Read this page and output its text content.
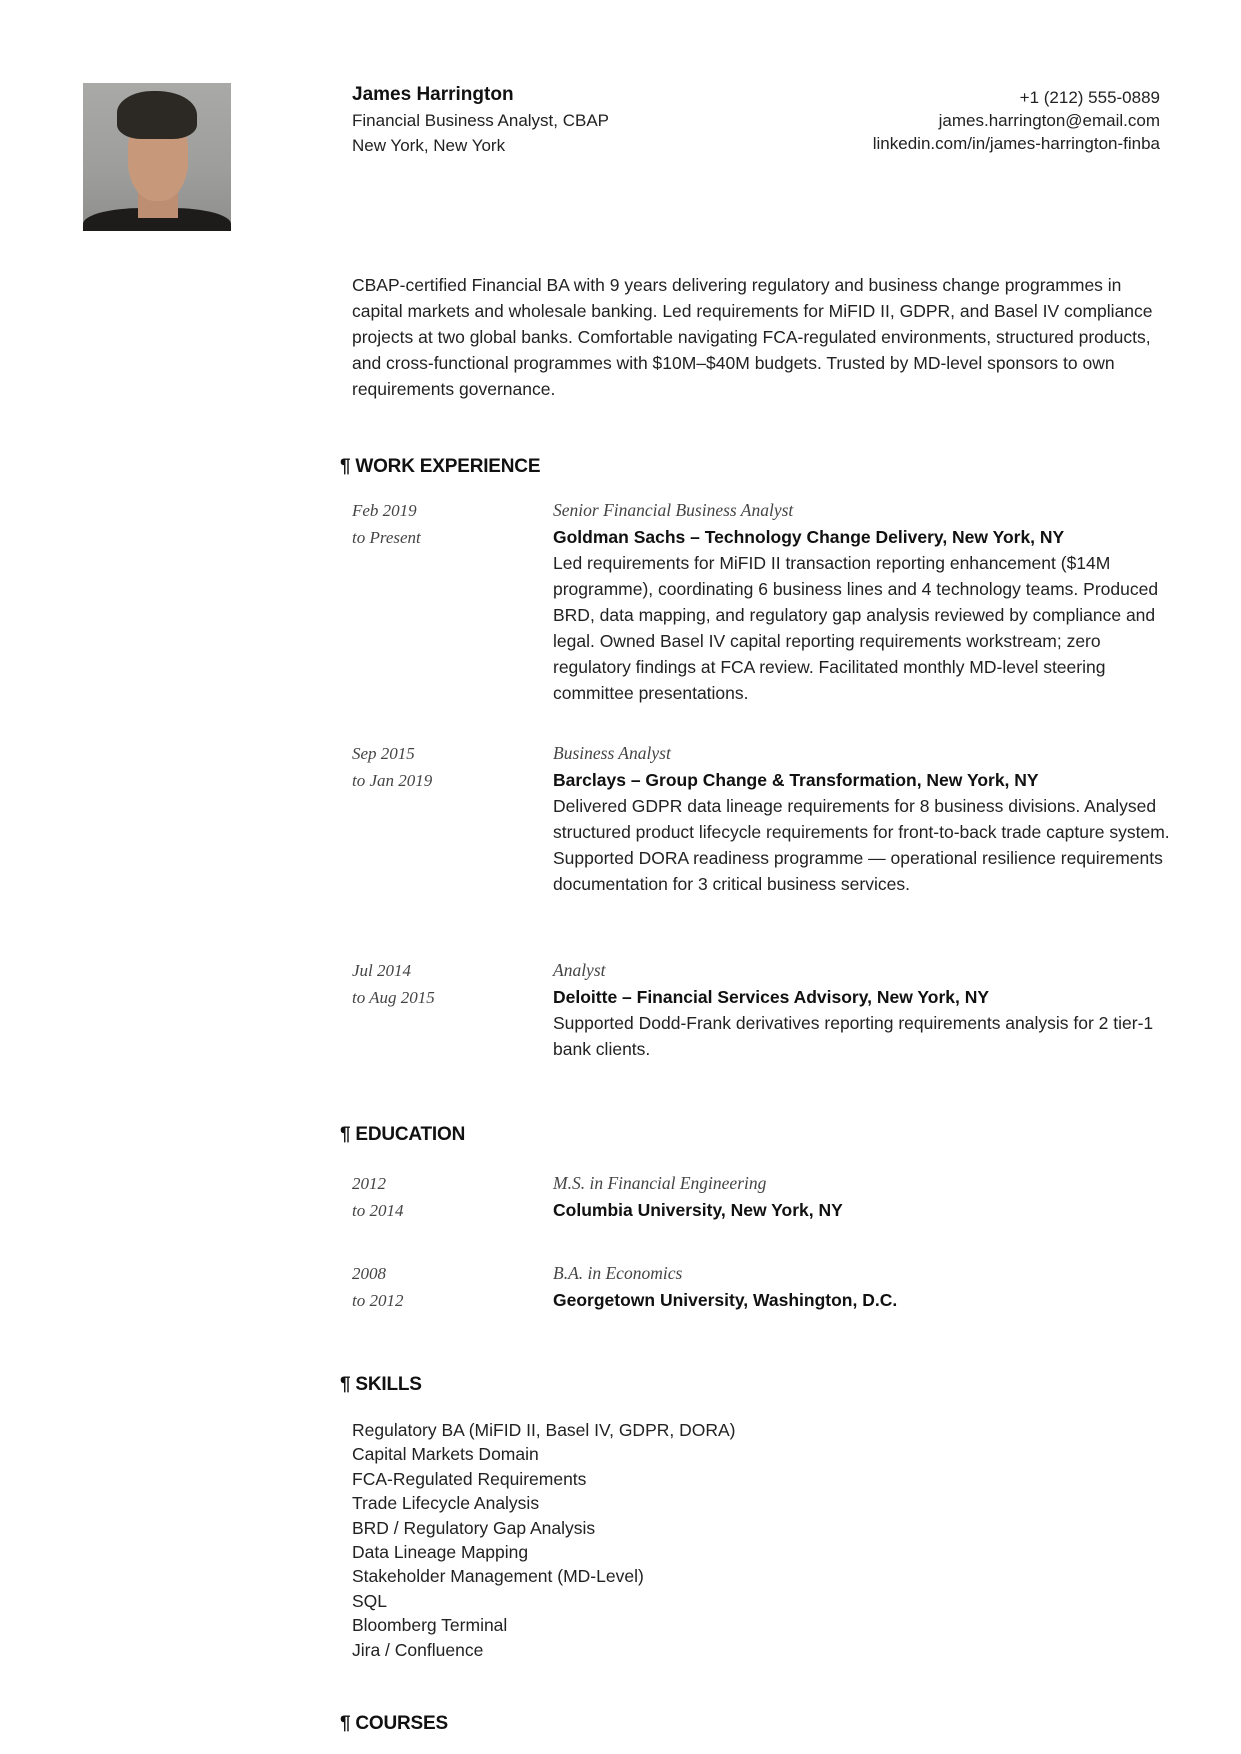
James Harrington
Financial Business Analyst, CBAP
New York, New York
+1 (212) 555-0889
james.harrington@email.com
linkedin.com/in/james-harrington-finba
CBAP-certified Financial BA with 9 years delivering regulatory and business change programmes in capital markets and wholesale banking. Led requirements for MiFID II, GDPR, and Basel IV compliance projects at two global banks. Comfortable navigating FCA-regulated environments, structured products, and cross-functional programmes with $10M–$40M budgets. Trusted by MD-level sponsors to own requirements governance.
¶ WORK EXPERIENCE
Feb 2019
to Present
Senior Financial Business Analyst
Goldman Sachs – Technology Change Delivery, New York, NY
Led requirements for MiFID II transaction reporting enhancement ($14M programme), coordinating 6 business lines and 4 technology teams. Produced BRD, data mapping, and regulatory gap analysis reviewed by compliance and legal. Owned Basel IV capital reporting requirements workstream; zero regulatory findings at FCA review. Facilitated monthly MD-level steering committee presentations.
Sep 2015
to Jan 2019
Business Analyst
Barclays – Group Change & Transformation, New York, NY
Delivered GDPR data lineage requirements for 8 business divisions. Analysed structured product lifecycle requirements for front-to-back trade capture system. Supported DORA readiness programme — operational resilience requirements documentation for 3 critical business services.
Jul 2014
to Aug 2015
Analyst
Deloitte – Financial Services Advisory, New York, NY
Supported Dodd-Frank derivatives reporting requirements analysis for 2 tier-1 bank clients.
¶ EDUCATION
2012
to 2014
M.S. in Financial Engineering
Columbia University, New York, NY
2008
to 2012
B.A. in Economics
Georgetown University, Washington, D.C.
¶ SKILLS
Regulatory BA (MiFID II, Basel IV, GDPR, DORA)
Capital Markets Domain
FCA-Regulated Requirements
Trade Lifecycle Analysis
BRD / Regulatory Gap Analysis
Data Lineage Mapping
Stakeholder Management (MD-Level)
SQL
Bloomberg Terminal
Jira / Confluence
¶ COURSES
